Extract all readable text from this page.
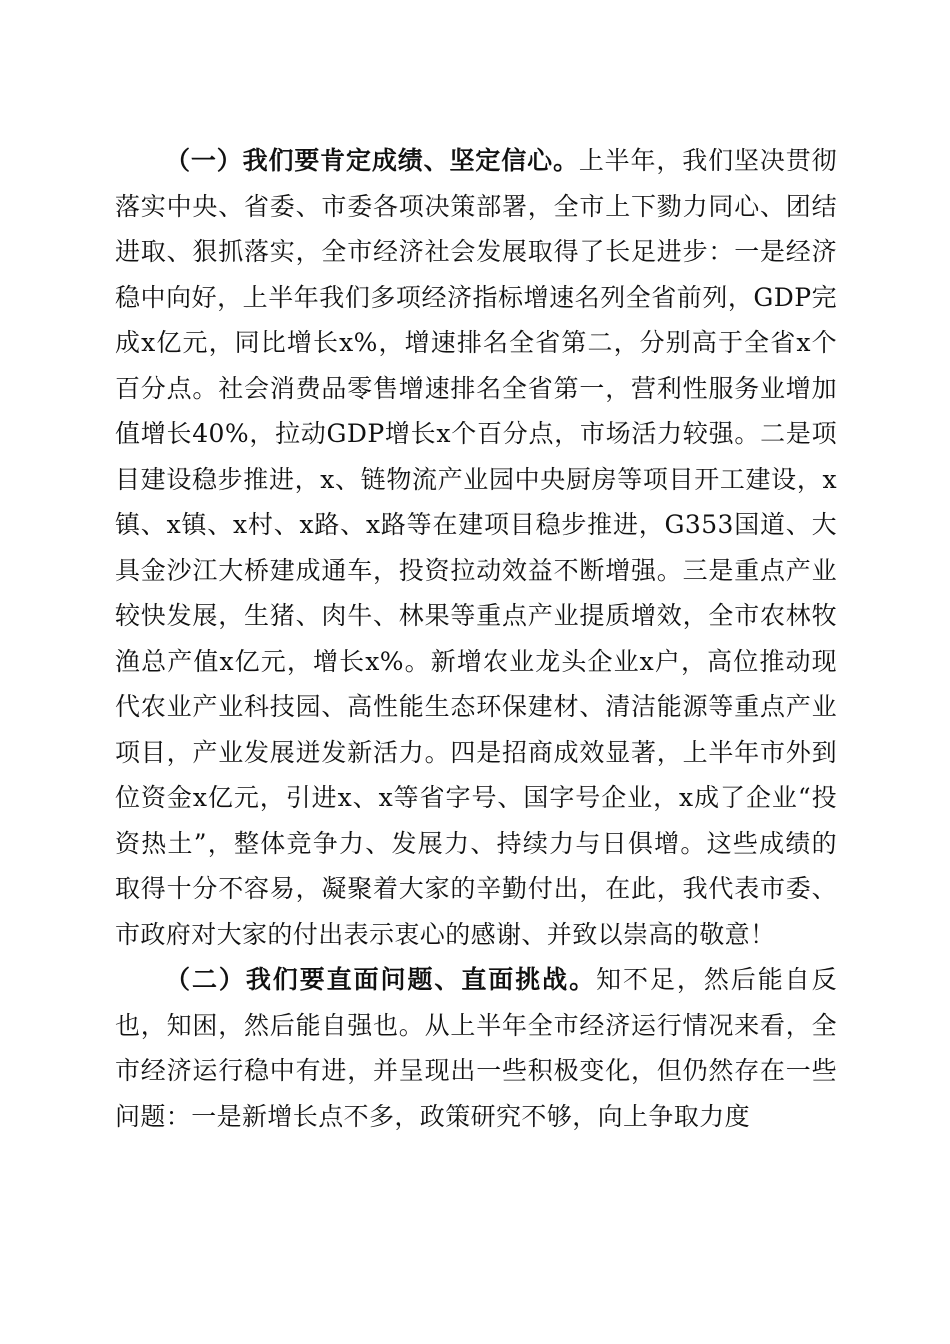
（一）我们要肯定成绩、坚定信心。上半年，我们坚决贯彻落实中央、省委、市委各项决策部署，全市上下勠力同心、团结进取、狠抓落实，全市经济社会发展取得了长足进步：一是经济稳中向好，上半年我们多项经济指标增速名列全省前列，GDP完成x亿元，同比增长x%，增速排名全省第二，分别高于全省x个百分点。社会消费品零售增速排名全省第一，营利性服务业增加值增长40%，拉动GDP增长x个百分点，市场活力较强。二是项目建设稳步推进，x、链物流产业园中央厨房等项目开工建设，x镇、x镇、x村、x路、x路等在建项目稳步推进，G353国道、大具金沙江大桥建成通车，投资拉动效益不断增强。三是重点产业较快发展，生猪、肉牛、林果等重点产业提质增效，全市农林牧渔总产值x亿元，增长x%。新增农业龙头企业x户，高位推动现代农业产业科技园、高性能生态环保建材、清洁能源等重点产业项目，产业发展迸发新活力。四是招商成效显著，上半年市外到位资金x亿元，引进x、x等省字号、国字号企业，x成了企业“投资热土”，整体竞争力、发展力、持续力与日俱增。这些成绩的取得十分不容易，凝聚着大家的辛勤付出，在此，我代表市委、市政府对大家的付出表示衷心的感谢、并致以崇高的敬意！

（二）我们要直面问题、直面挑战。知不足，然后能自反也，知困，然后能自强也。从上半年全市经济运行情况来看，全市经济运行稳中有进，并呈现出一些积极变化，但仍然存在一些问题：一是新增长点不多，政策研究不够，向上争取力度
